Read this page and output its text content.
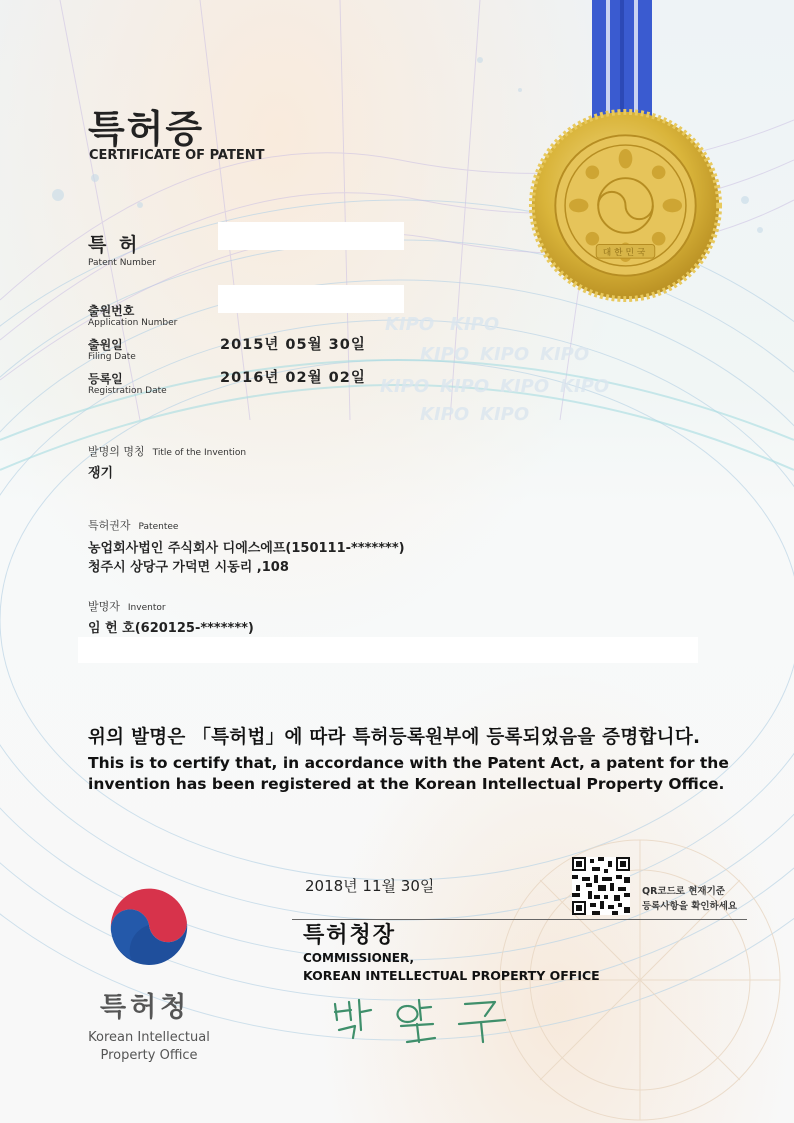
KIPO KIPO
KIPO KIPO KIPO
KIPO KIPO KIPO KIPO
KIPO KIPO
특허증
CERTIFICATE OF PATENT
대한민국
특 허
Patent Number
출원번호
Application Number
출원일
Filing Date
2015년 05월 30일
등록일
Registration Date
2016년 02월 02일
발명의 명칭 Title of the Invention
쟁기
특허권자 Patentee
농업회사법인 주식회사 디에스에프(150111-*******)
청주시 상당구 가덕면 시동리 ,108
발명자 Inventor
임 헌 호(620125-*******)
위의 발명은 「특허법」에 따라 특허등록원부에 등록되었음을 증명합니다.
This is to certify that, in accordance with the Patent Act, a patent for the invention has been registered at the Korean Intellectual Property Office.
2018년 11월 30일	QR코드로 현재기준
등록사항을 확인하세요
특허청장
COMMISSIONER,
KOREAN INTELLECTUAL PROPERTY OFFICE
특허청
Korean Intellectual
Property Office
